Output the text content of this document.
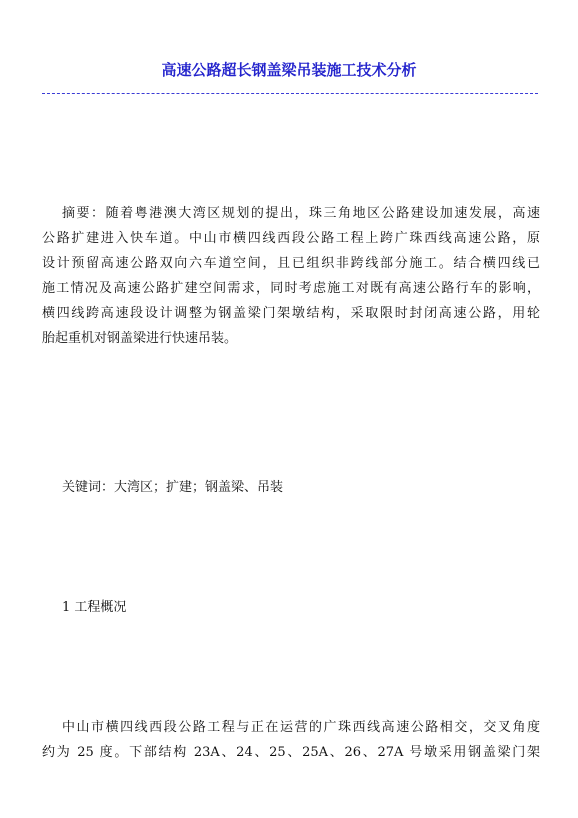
高速公路超长钢盖梁吊装施工技术分析
摘要：随着粤港澳大湾区规划的提出，珠三角地区公路建设加速发展，高速
公路扩建进入快车道。中山市横四线西段公路工程上跨广珠西线高速公路，原
设计预留高速公路双向六车道空间，且已组织非跨线部分施工。结合横四线已
施工情况及高速公路扩建空间需求，同时考虑施工对既有高速公路行车的影响，
横四线跨高速段设计调整为钢盖梁门架墩结构，采取限时封闭高速公路，用轮
胎起重机对钢盖梁进行快速吊装。
关键词：大湾区；扩建；钢盖梁、吊装
1 工程概况
中山市横四线西段公路工程与正在运营的广珠西线高速公路相交，交叉角度
约为 25 度。下部结构 23A、24、25、25A、26、27A 号墩采用钢盖梁门架
